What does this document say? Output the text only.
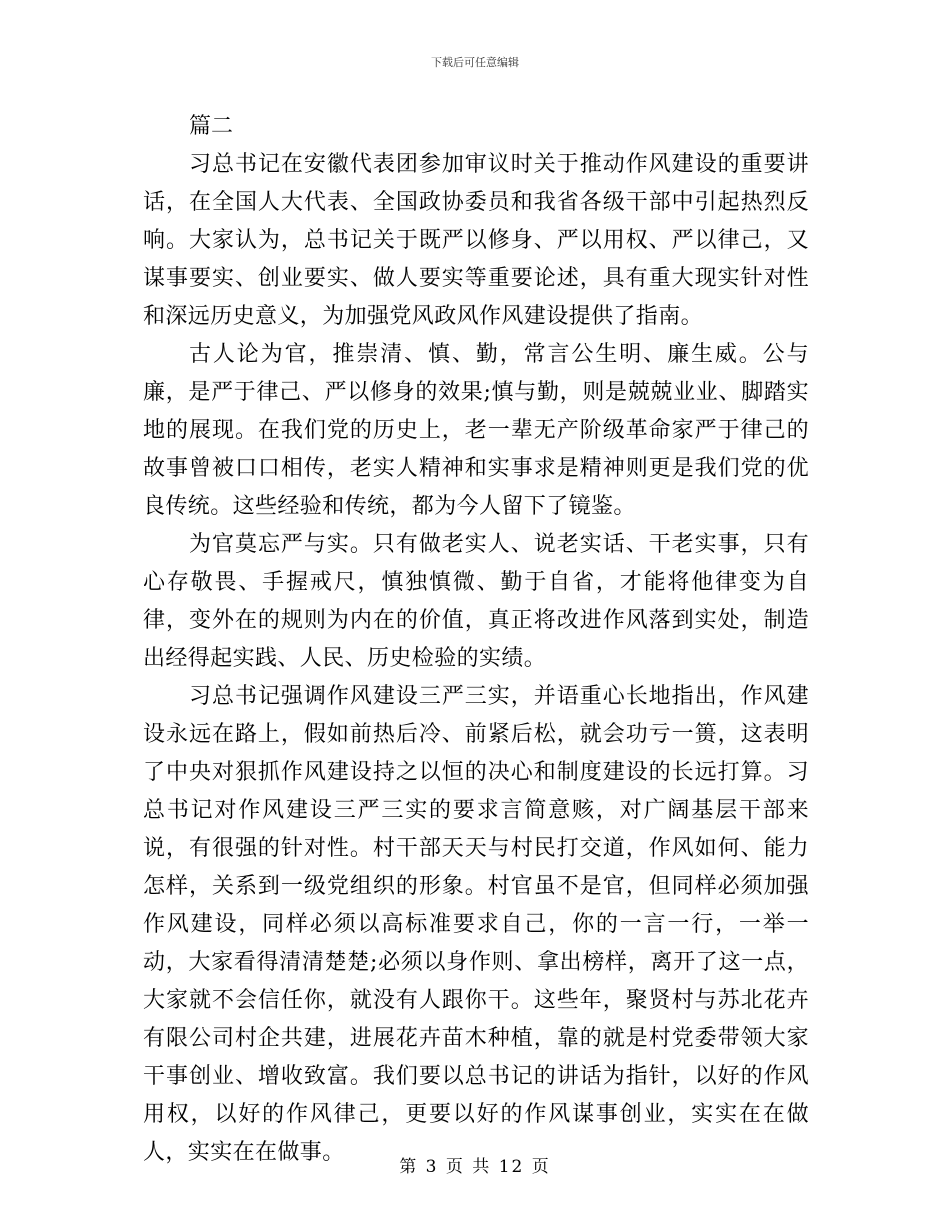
下载后可任意编辑

篇二

习总书记在安徽代表团参加审议时关于推动作风建设的重要讲话，在全国人大代表、全国政协委员和我省各级干部中引起热烈反响。大家认为，总书记关于既严以修身、严以用权、严以律己，又谋事要实、创业要实、做人要实等重要论述，具有重大现实针对性和深远历史意义，为加强党风政风作风建设提供了指南。

古人论为官，推崇清、慎、勤，常言公生明、廉生威。公与廉，是严于律己、严以修身的效果;慎与勤，则是兢兢业业、脚踏实地的展现。在我们党的历史上，老一辈无产阶级革命家严于律己的故事曾被口口相传，老实人精神和实事求是精神则更是我们党的优良传统。这些经验和传统，都为今人留下了镜鉴。

为官莫忘严与实。只有做老实人、说老实话、干老实事，只有心存敬畏、手握戒尺，慎独慎微、勤于自省，才能将他律变为自律，变外在的规则为内在的价值，真正将改进作风落到实处，制造出经得起实践、人民、历史检验的实绩。

习总书记强调作风建设三严三实，并语重心长地指出，作风建设永远在路上，假如前热后冷、前紧后松，就会功亏一篑，这表明了中央对狠抓作风建设持之以恒的决心和制度建设的长远打算。习总书记对作风建设三严三实的要求言简意赅，对广阔基层干部来说，有很强的针对性。村干部天天与村民打交道，作风如何、能力怎样，关系到一级党组织的形象。村官虽不是官，但同样必须加强作风建设，同样必须以高标准要求自己，你的一言一行，一举一动，大家看得清清楚楚;必须以身作则、拿出榜样，离开了这一点，大家就不会信任你，就没有人跟你干。这些年，聚贤村与苏北花卉有限公司村企共建，进展花卉苗木种植，靠的就是村党委带领大家干事创业、增收致富。我们要以总书记的讲话为指针，以好的作风用权，以好的作风律己，更要以好的作风谋事创业，实实在在做人，实实在在做事。

第 3 页 共 12 页
